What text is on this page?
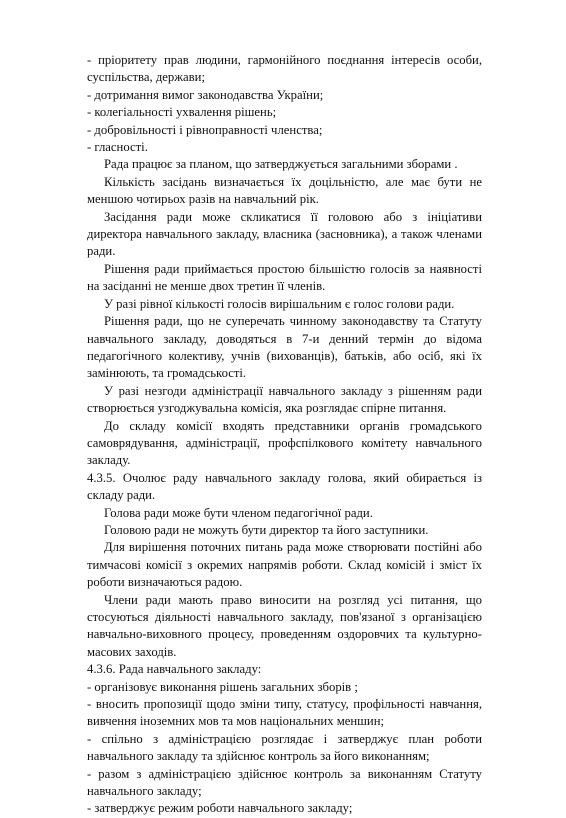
- пріоритету прав людини, гармонійного поєднання інтересів особи, суспільства, держави;

- дотримання вимог законодавства України;

- колегіальності ухвалення рішень;

- добровільності і рівноправності членства;

- гласності.

Рада працює за планом, що затверджується загальними зборами .

Кількість засідань визначається їх доцільністю, але має бути не меншою чотирьох разів на навчальний рік.

Засідання ради може скликатися її головою або з ініціативи директора навчального закладу, власника (засновника), а також членами ради.

Рішення ради приймається простою більшістю голосів за наявності на засіданні не менше двох третин її членів.

У разі рівної кількості голосів вирішальним є голос голови ради.

Рішення ради, що не суперечать чинному законодавству та Статуту навчального закладу, доводяться в 7-и денний термін до відома педагогічного колективу, учнів (вихованців), батьків, або осіб, які їх замінюють, та громадськості.

У разі незгоди адміністрації навчального закладу з рішенням ради створюється узгоджувальна комісія, яка розглядає спірне питання.

До складу комісії входять представники органів громадського самоврядування, адміністрації, профспілкового комітету навчального закладу.

4.3.5. Очолює раду навчального закладу голова, який обирається із складу ради.

Головa ради може бути членом педагогічної ради.

Головою ради не можуть бути директор та його заступники.

Для вирішення поточних питань рада може створювати постійні або тимчасові комісії з окремих напрямів роботи. Склад комісій і зміст їх роботи визначаються радою.

Члени ради мають право виносити на розгляд усі питання, що стосуються діяльності навчального закладу, пов'язаної з організацією навчально-виховного процесу, проведенням оздоровчих та культурно-масових заходів.

4.3.6. Рада навчального закладу:

- організовує виконання рішень загальних зборів ;

- вносить пропозиції щодо зміни типу, статусу, профільності навчання, вивчення іноземних мов та мов національних меншин;

- спільно з адміністрацією розглядає і затверджує план роботи навчального закладу та здійснює контроль за його виконанням;

- разом з адміністрацією здійснює контроль за виконанням Статуту навчального закладу;

- затверджує режим роботи навчального закладу;
